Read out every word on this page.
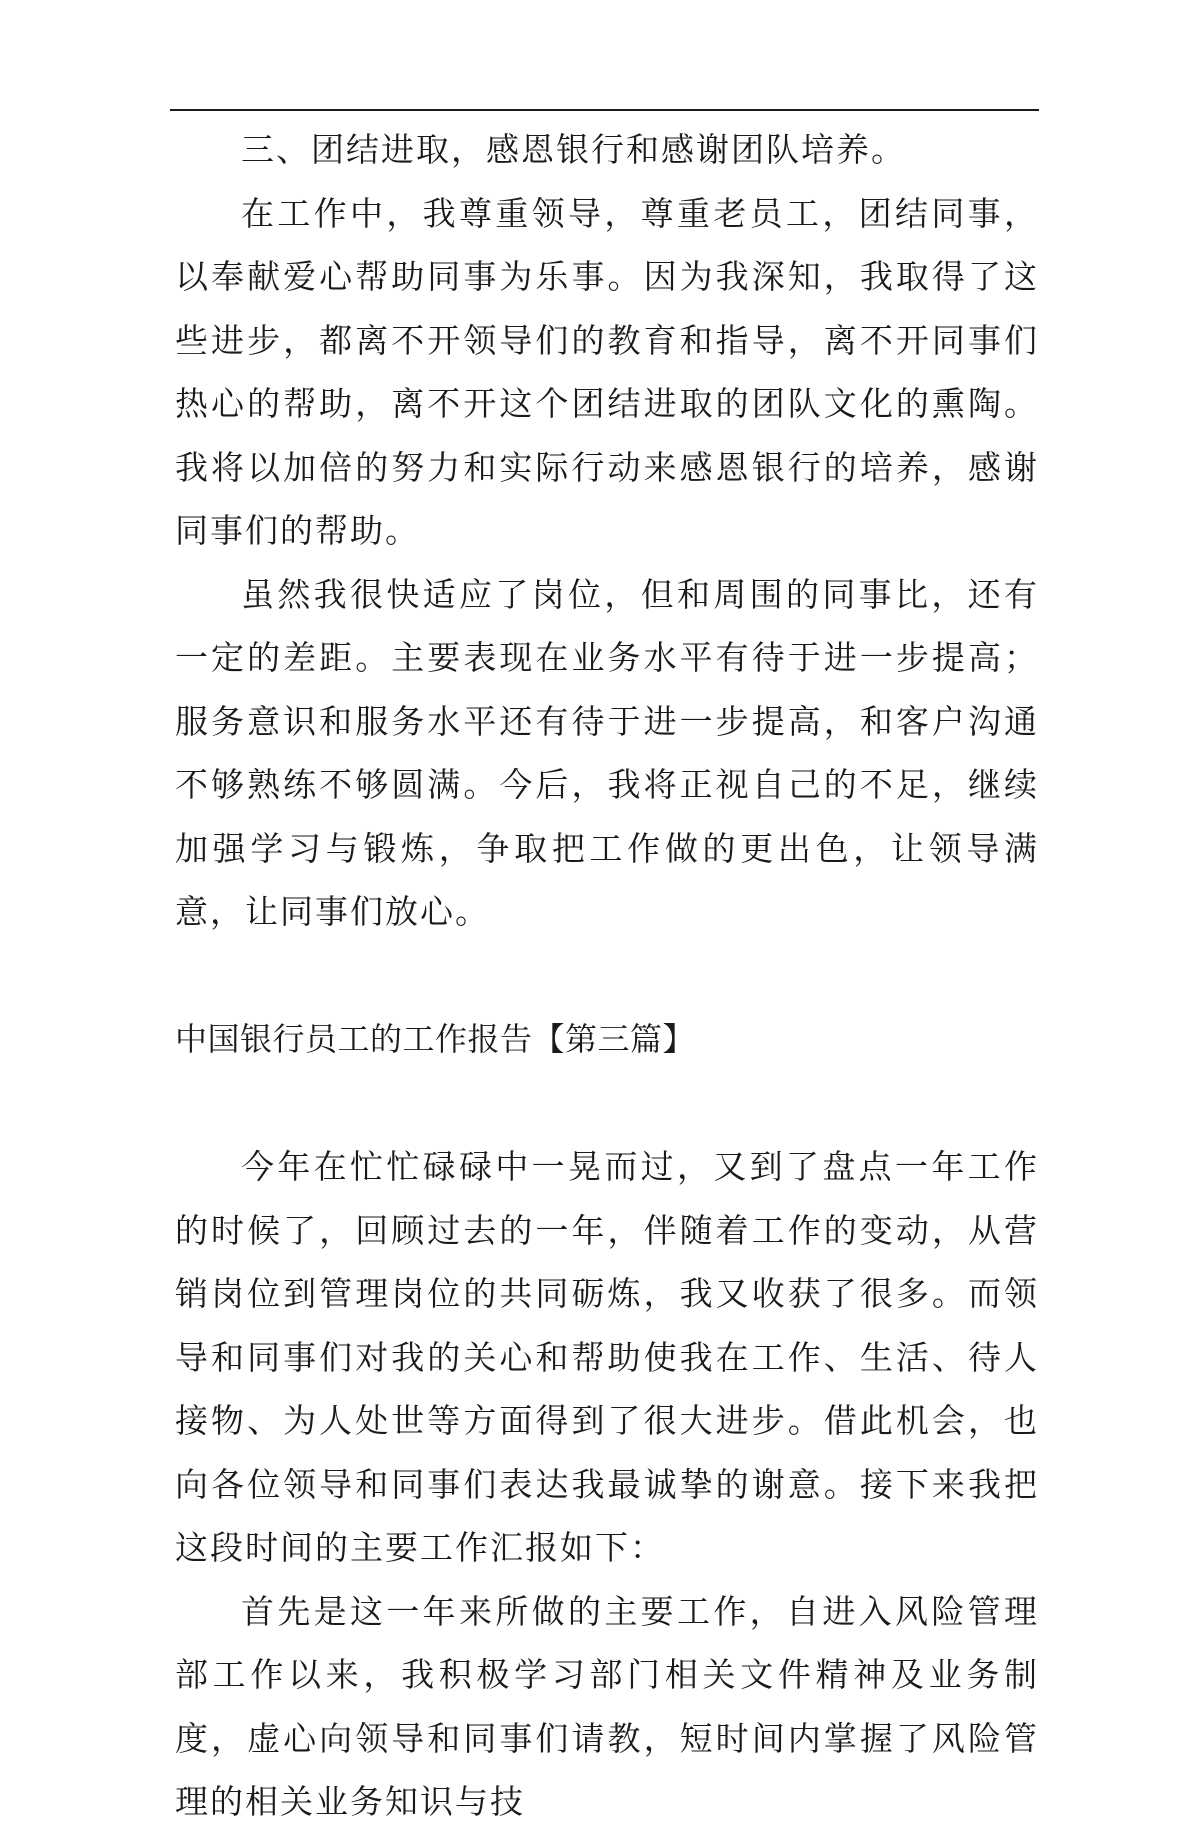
三、团结进取，感恩银行和感谢团队培养。

在工作中，我尊重领导，尊重老员工，团结同事，以奉献爱心帮助同事为乐事。因为我深知，我取得了这些进步，都离不开领导们的教育和指导，离不开同事们热心的帮助，离不开这个团结进取的团队文化的熏陶。我将以加倍的努力和实际行动来感恩银行的培养，感谢同事们的帮助。

虽然我很快适应了岗位，但和周围的同事比，还有一定的差距。主要表现在业务水平有待于进一步提高；服务意识和服务水平还有待于进一步提高，和客户沟通不够熟练不够圆满。今后，我将正视自己的不足，继续加强学习与锻炼，争取把工作做的更出色，让领导满意，让同事们放心。

中国银行员工的工作报告【第三篇】

今年在忙忙碌碌中一晃而过，又到了盘点一年工作的时候了，回顾过去的一年，伴随着工作的变动，从营销岗位到管理岗位的共同砺炼，我又收获了很多。而领导和同事们对我的关心和帮助使我在工作、生活、待人接物、为人处世等方面得到了很大进步。借此机会，也向各位领导和同事们表达我最诚挚的谢意。接下来我把这段时间的主要工作汇报如下：

首先是这一年来所做的主要工作，自进入风险管理部工作以来，我积极学习部门相关文件精神及业务制度，虚心向领导和同事们请教，短时间内掌握了风险管理的相关业务知识与技
